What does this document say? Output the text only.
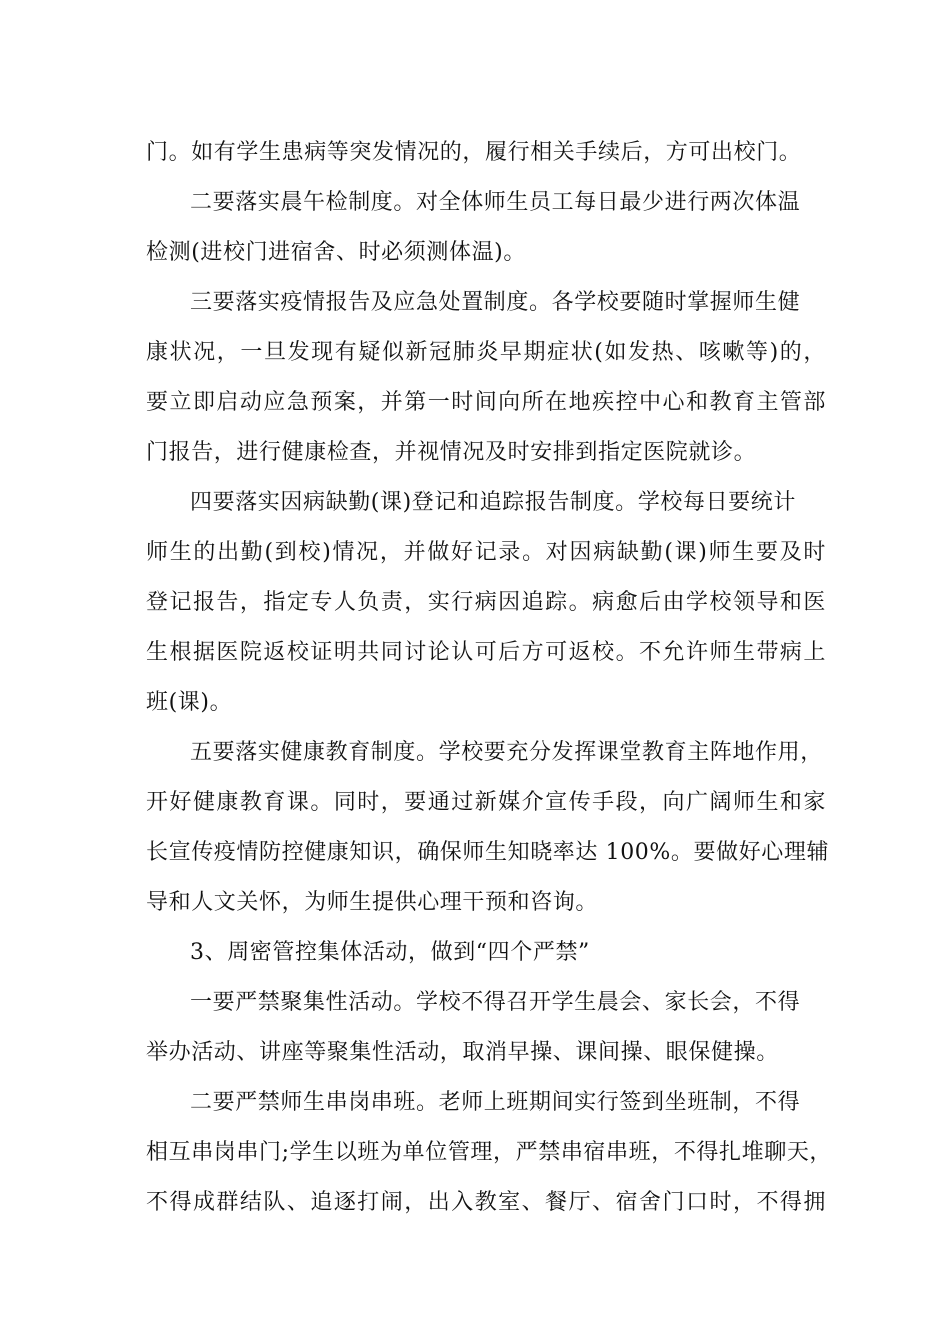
门。如有学生患病等突发情况的，履行相关手续后，方可出校门。
二要落实晨午检制度。对全体师生员工每日最少进行两次体温
检测(进校门进宿舍、时必须测体温)。
三要落实疫情报告及应急处置制度。各学校要随时掌握师生健
康状况，一旦发现有疑似新冠肺炎早期症状(如发热、咳嗽等)的，
要立即启动应急预案，并第一时间向所在地疾控中心和教育主管部
门报告，进行健康检查，并视情况及时安排到指定医院就诊。
四要落实因病缺勤(课)登记和追踪报告制度。学校每日要统计
师生的出勤(到校)情况，并做好记录。对因病缺勤(课)师生要及时
登记报告，指定专人负责，实行病因追踪。病愈后由学校领导和医
生根据医院返校证明共同讨论认可后方可返校。不允许师生带病上
班(课)。
五要落实健康教育制度。学校要充分发挥课堂教育主阵地作用，
开好健康教育课。同时，要通过新媒介宣传手段，向广阔师生和家
长宣传疫情防控健康知识，确保师生知晓率达 100%。要做好心理辅
导和人文关怀，为师生提供心理干预和咨询。
3、周密管控集体活动，做到“四个严禁”
一要严禁聚集性活动。学校不得召开学生晨会、家长会，不得
举办活动、讲座等聚集性活动，取消早操、课间操、眼保健操。
二要严禁师生串岗串班。老师上班期间实行签到坐班制，不得
相互串岗串门;学生以班为单位管理，严禁串宿串班，不得扎堆聊天，
不得成群结队、追逐打闹，出入教室、餐厅、宿舍门口时，不得拥
